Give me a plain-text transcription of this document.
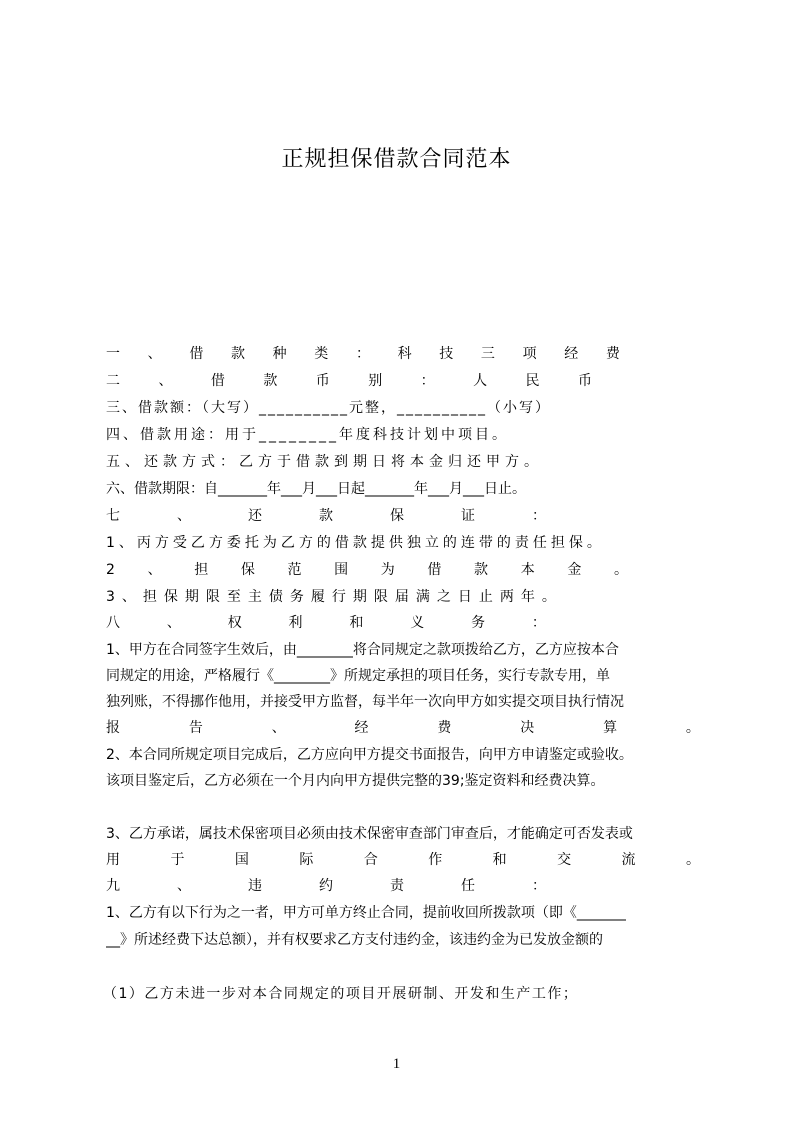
正规担保借款合同范本
一 、 借 款 种 类 ： 科 技 三 项 经 费
二	、	借	款	币	别	：	人	民	币
三、借款额：（大写）__________元整，__________（小写）
四、借款用途：用于________年度科技计划中项目。
五、还款方式：乙方于借款到期日将本金归还甲方。
六、借款期限：自_______年___月___日起_______年___月___日止。
七	、	还	款	保	证	：
1、丙方受乙方委托为乙方的借款提供独立的连带的责任担保。
2 、 担 保 范 围 为 借 款 本 金 。
3、担保期限至主债务履行期限届满之日止两年。
八	、	权	利	和	义	务	：
1、甲方在合同签字生效后，由________将合同规定之款项拨给乙方，乙方应按本合
同规定的用途，严格履行《________》所规定承担的项目任务，实行专款专用，单
独列账，不得挪作他用，并接受甲方监督，每半年一次向甲方如实提交项目执行情况
报	告	、	经	费	决	算	。
2、本合同所规定项目完成后，乙方应向甲方提交书面报告，向甲方申请鉴定或验收。
该项目鉴定后，乙方必须在一个月内向甲方提供完整的39;鉴定资料和经费决算。
3、乙方承诺，属技术保密项目必须由技术保密审查部门审查后，才能确定可否发表或
用	于	国	际	合	作	和	交	流	。
九	、	违	约	责	任	：
1、乙方有以下行为之一者，甲方可单方终止合同，提前收回所拨款项（即《_______
__》所述经费下达总额），并有权要求乙方支付违约金，该违约金为已发放金额的
（1）乙方未进一步对本合同规定的项目开展研制、开发和生产工作；
1
